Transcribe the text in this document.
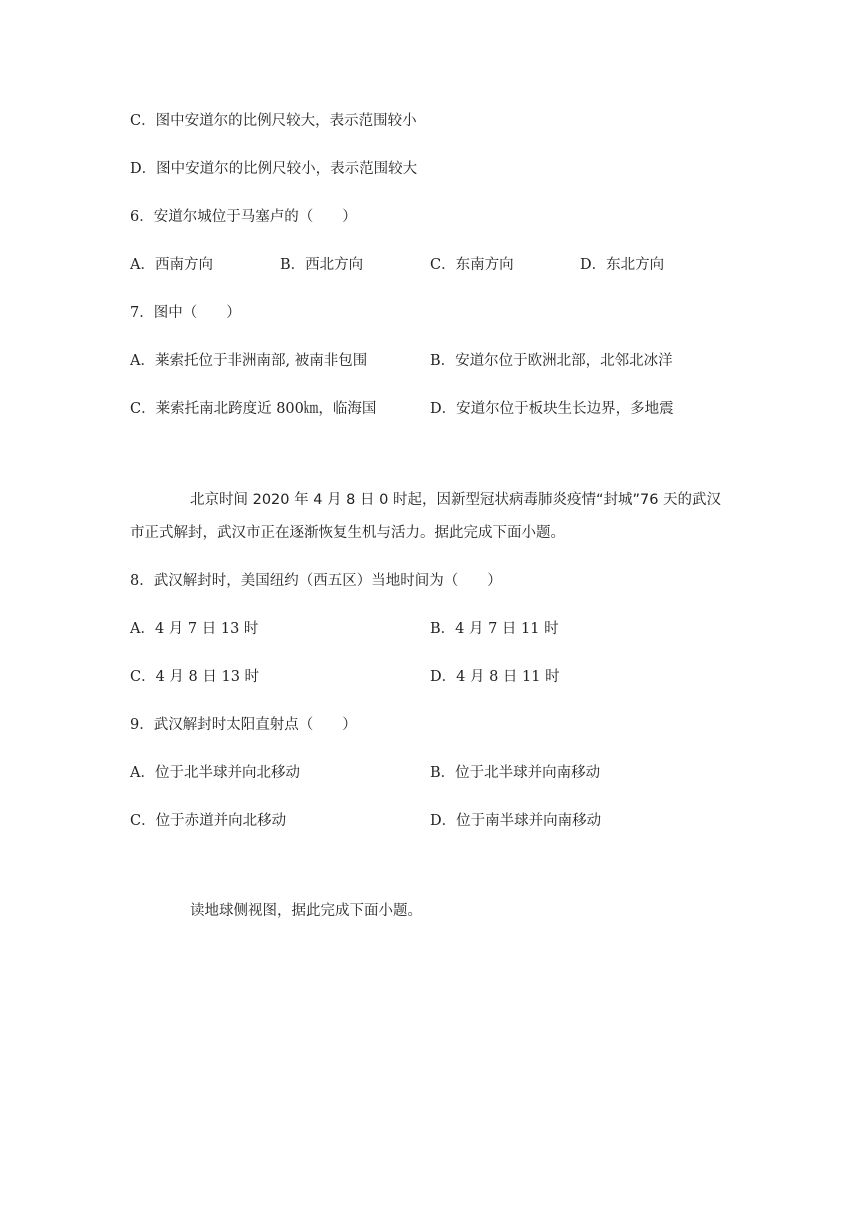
C．图中安道尔的比例尺较大，表示范围较小
D．图中安道尔的比例尺较小，表示范围较大
6．安道尔城位于马塞卢的（　　）
A．西南方向	B．西北方向	C．东南方向	D．东北方向
7．图中（　　）
A．莱索托位于非洲南部, 被南非包围	B．安道尔位于欧洲北部，北邻北冰洋
C．莱索托南北跨度近 800㎞，临海国	D．安道尔位于板块生长边界，多地震
北京时间 2020 年 4 月 8 日 0 时起，因新型冠状病毒肺炎疫情“封城”76 天的武汉
市正式解封，武汉市正在逐渐恢复生机与活力。据此完成下面小题。
8．武汉解封时，美国纽约（西五区）当地时间为（　　）
A．4 月 7 日 13 时	B．4 月 7 日 11 时
C．4 月 8 日 13 时	D．4 月 8 日 11 时
9．武汉解封时太阳直射点（　　）
A．位于北半球并向北移动	B．位于北半球并向南移动
C．位于赤道并向北移动	D．位于南半球并向南移动
读地球侧视图，据此完成下面小题。
